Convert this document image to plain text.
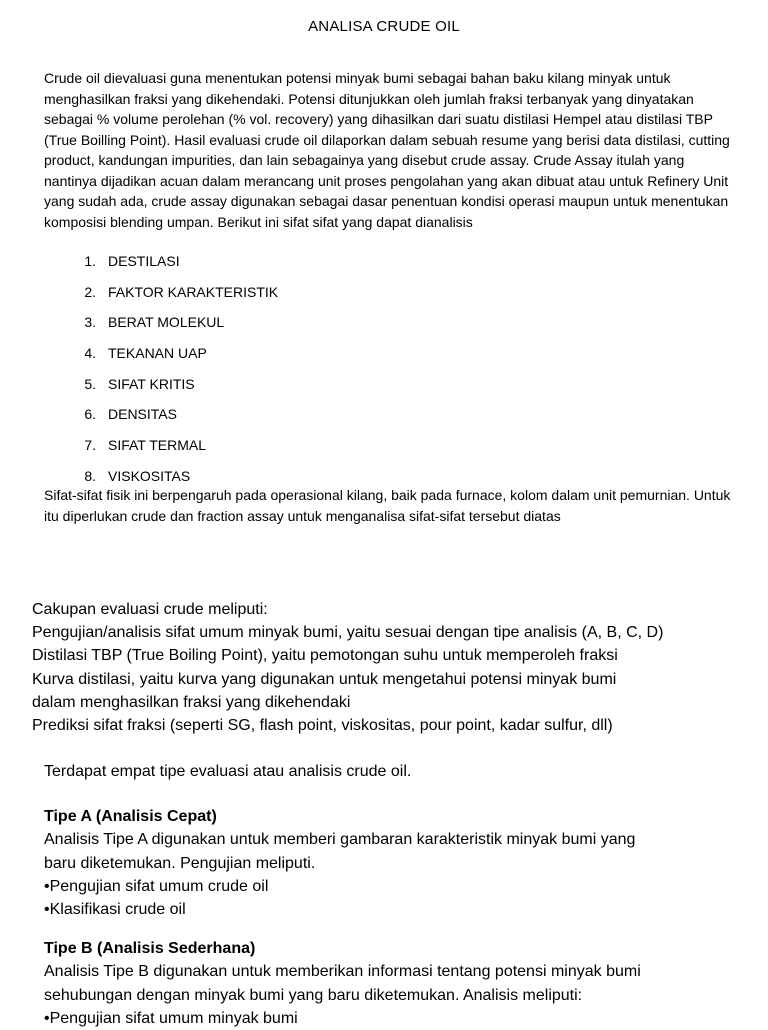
ANALISA CRUDE OIL

Crude oil dievaluasi guna menentukan potensi minyak bumi sebagai bahan baku kilang minyak untuk menghasilkan fraksi yang dikehendaki. Potensi ditunjukkan oleh jumlah fraksi terbanyak yang dinyatakan sebagai % volume perolehan (% vol. recovery) yang dihasilkan dari suatu distilasi Hempel atau distilasi TBP (True Boilling Point). Hasil evaluasi crude oil dilaporkan dalam sebuah resume yang berisi data distilasi, cutting product, kandungan impurities, dan lain sebagainya yang disebut crude assay. Crude Assay itulah yang nantinya dijadikan acuan dalam merancang unit proses pengolahan yang akan dibuat atau untuk Refinery Unit yang sudah ada, crude assay digunakan sebagai dasar penentuan kondisi operasi maupun untuk menentukan komposisi blending umpan. Berikut ini sifat sifat yang dapat dianalisis

1. DESTILASI
2. FAKTOR KARAKTERISTIK
3. BERAT MOLEKUL
4. TEKANAN UAP
5. SIFAT KRITIS
6. DENSITAS
7. SIFAT TERMAL
8. VISKOSITAS

Sifat-sifat fisik ini berpengaruh pada operasional kilang, baik pada furnace, kolom dalam unit pemurnian. Untuk itu diperlukan crude dan fraction assay untuk menganalisa sifat-sifat tersebut diatas

Cakupan evaluasi crude meliputi:
Pengujian/analisis sifat umum minyak bumi, yaitu sesuai dengan tipe analisis (A, B, C, D)
Distilasi TBP (True Boiling Point), yaitu pemotongan suhu untuk memperoleh fraksi
Kurva distilasi, yaitu kurva yang digunakan untuk mengetahui potensi minyak bumi
dalam menghasilkan fraksi yang dikehendaki
Prediksi sifat fraksi (seperti SG, flash point, viskositas, pour point, kadar sulfur, dll)
Terdapat empat tipe evaluasi atau analisis crude oil.
Tipe A (Analisis Cepat)
Analisis Tipe A digunakan untuk memberi gambaran karakteristik minyak bumi yang
baru diketemukan. Pengujian meliputi.
•Pengujian sifat umum crude oil
•Klasifikasi crude oil
Tipe B (Analisis Sederhana)
Analisis Tipe B digunakan untuk memberikan informasi tentang potensi minyak bumi
sehubungan dengan minyak bumi yang baru diketemukan. Analisis meliputi:
•Pengujian sifat umum minyak bumi
